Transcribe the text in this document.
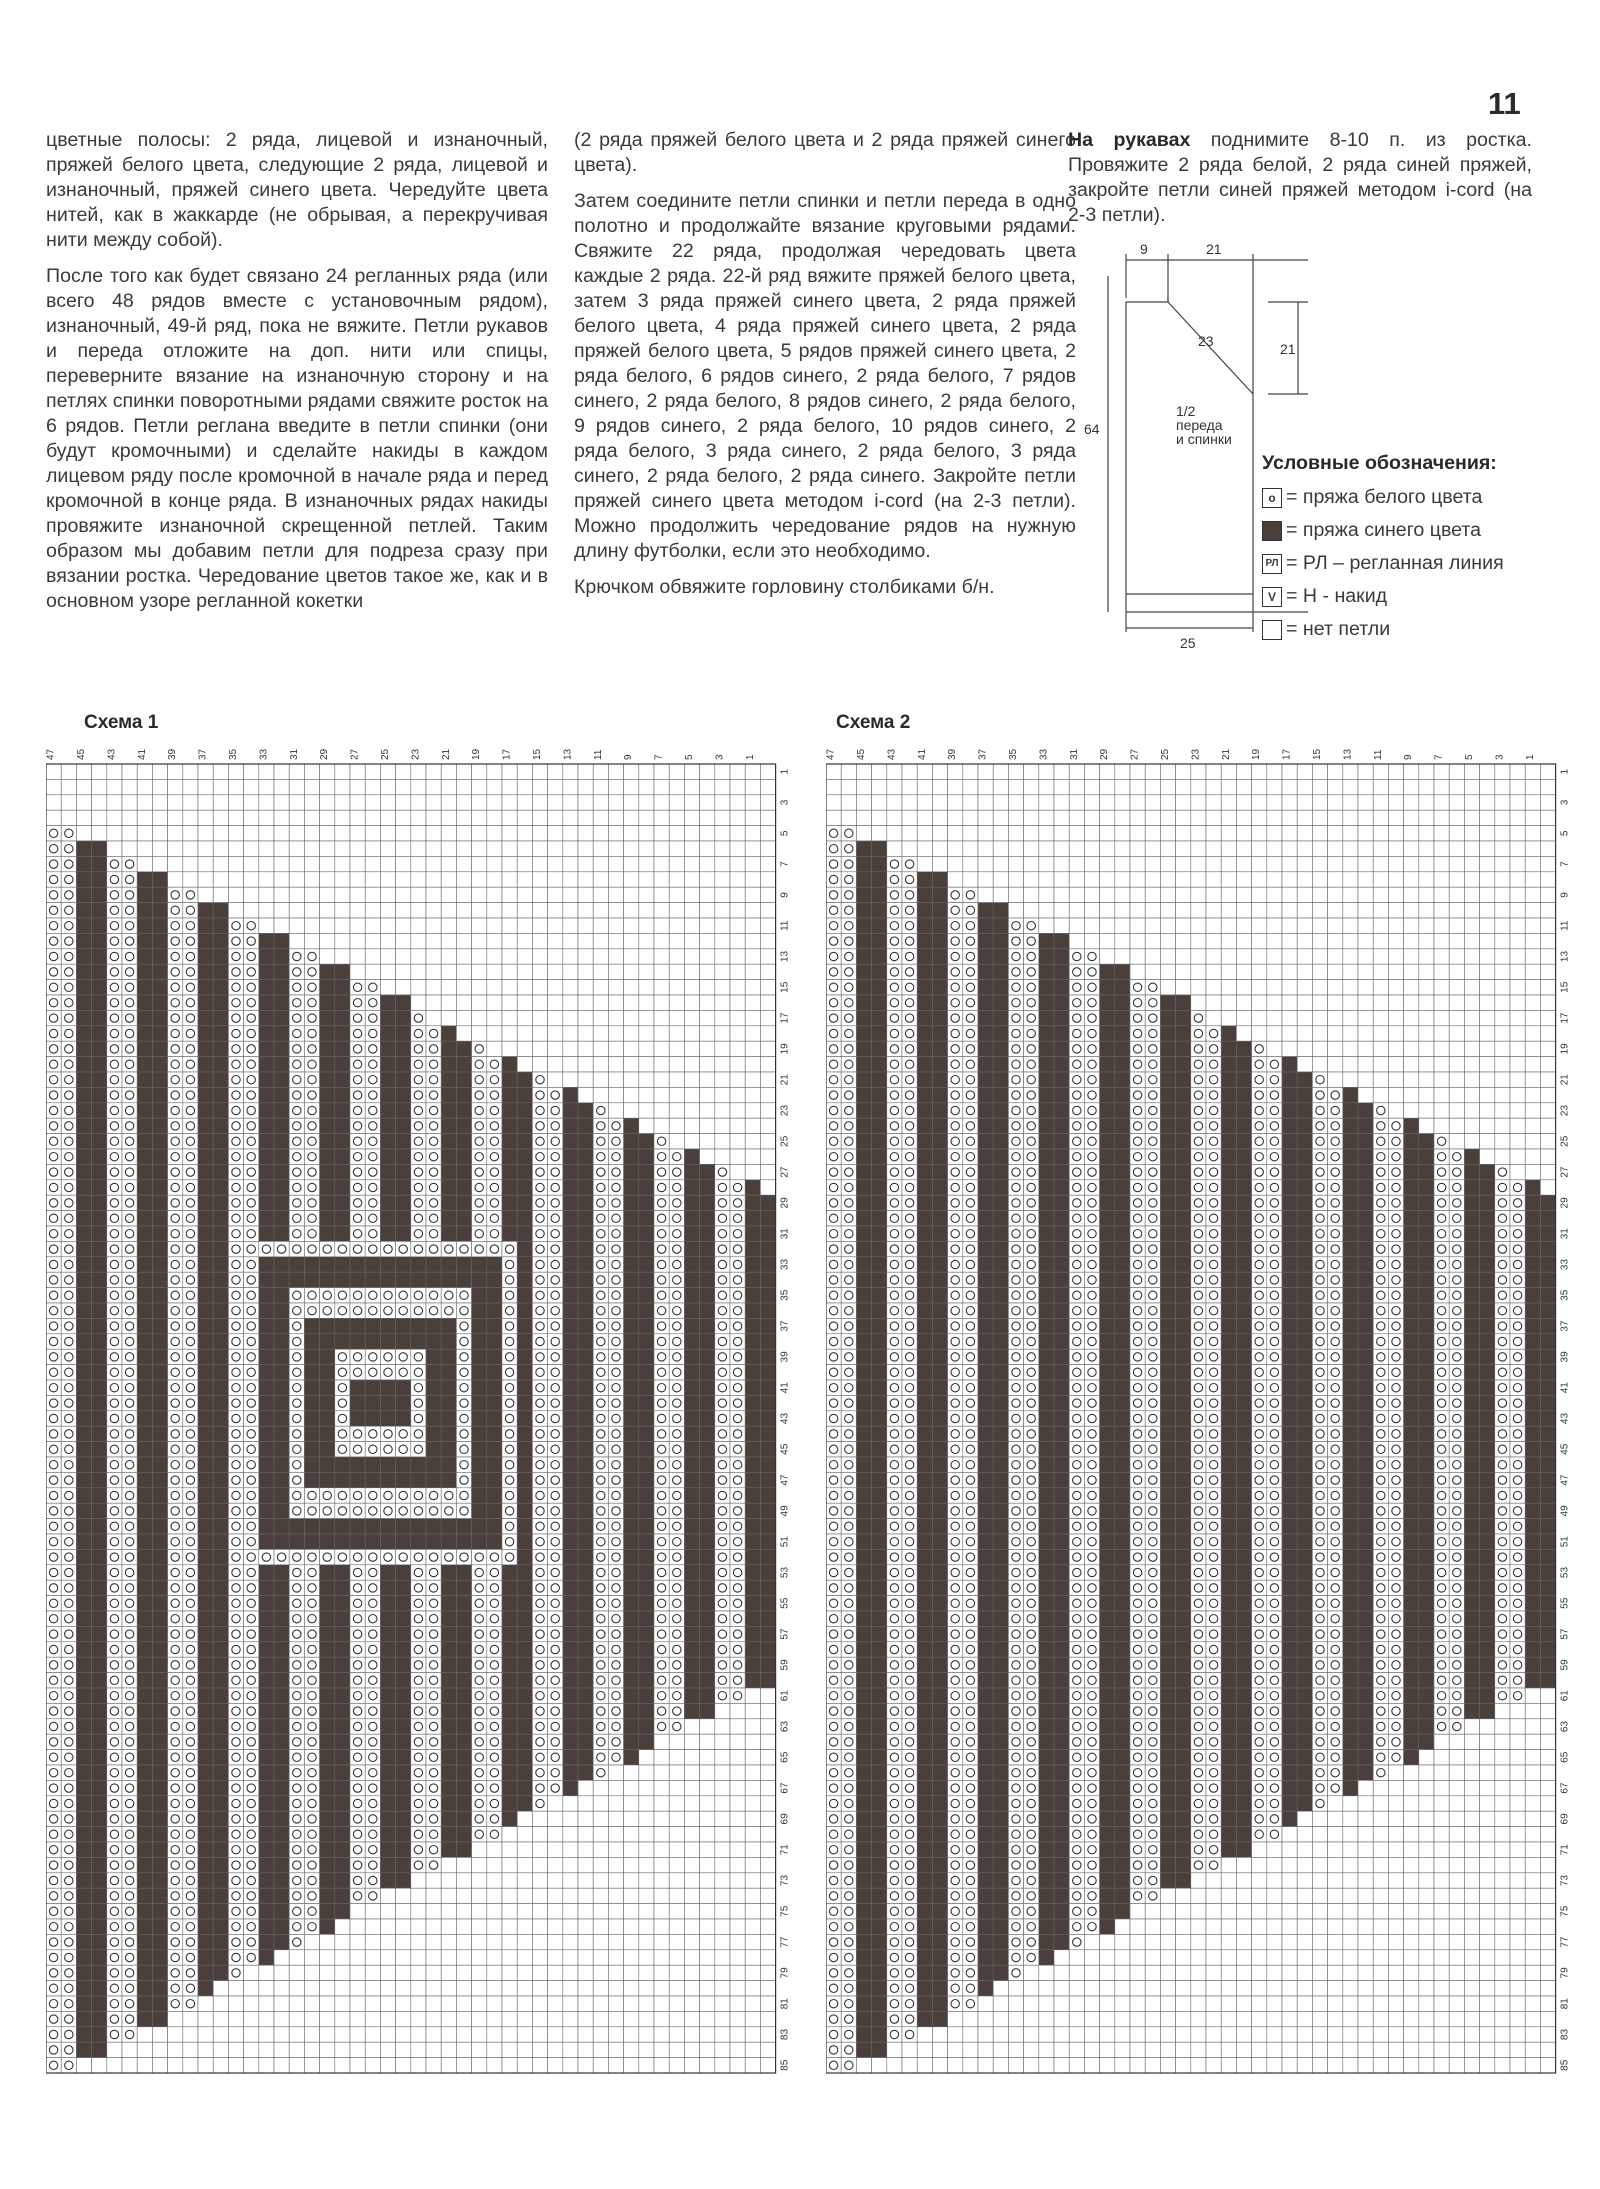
11

цветные полосы: 2 ряда, лицевой и изнаночный, пряжей белого цвета, следующие 2 ряда, лицевой и изнаночный, пряжей синего цвета. Чередуйте цвета нитей, как в жаккарде (не обрывая, а перекручивая нити между собой).

После того как будет связано 24 регланных ряда (или всего 48 рядов вместе с установочным рядом), изнаночный, 49-й ряд, пока не вяжите. Петли рукавов и переда отложите на доп. нити или спицы, переверните вязание на изнаночную сторону и на петлях спинки поворотными рядами свяжите росток на 6 рядов. Петли реглана введите в петли спинки (они будут кромочными) и сделайте накиды в каждом лицевом ряду после кромочной в начале ряда и перед кромочной в конце ряда. В изнаночных рядах накиды провяжите изнаночной скрещенной петлей. Таким образом мы добавим петли для подреза сразу при вязании ростка. Чередование цветов такое же, как и в основном узоре регланной кокетки

(2 ряда пряжей белого цвета и 2 ряда пряжей синего цвета).

Затем соедините петли спинки и петли переда в одно полотно и продолжайте вязание круговыми рядами. Свяжите 22 ряда, продолжая чередовать цвета каждые 2 ряда. 22-й ряд вяжите пряжей белого цвета, затем 3 ряда пряжей синего цвета, 2 ряда пряжей белого цвета, 4 ряда пряжей синего цвета, 2 ряда пряжей белого цвета, 5 рядов пряжей синего цвета, 2 ряда белого, 6 рядов синего, 2 ряда белого, 7 рядов синего, 2 ряда белого, 8 рядов синего, 2 ряда белого, 9 рядов синего, 2 ряда белого, 10 рядов синего, 2 ряда белого, 3 ряда синего, 2 ряда белого, 3 ряда синего, 2 ряда белого, 2 ряда синего. Закройте петли пряжей синего цвета методом i-cord (на 2-3 петли). Можно продолжить чередование рядов на нужную длину футболки, если это необходимо.

Крючком обвяжите горловину столбиками б/н.

На рукавах поднимите 8-10 п. из ростка. Провяжите 2 ряда белой, 2 ряда синей пряжей, закройте петли синей пряжей методом i-cord (на 2-3 петли).

9	21
21
23
64
25
1/2
переда
и спинки
Условные обозначения:
o = пряжа белого цвета
= пряжа синего цвета
РЛ = РЛ – регланная линия
V = Н - накид
= нет петли
Схема 1	Схема 2
47 45 43 41 39 37 35 33 31 29 27 25 23 21 19 17 15 13 11 9 7 5 3 1
1
3
5
7
9
11
13
15
17
19
21
23
25
27
29
31
33
35
37
39
41
43
45
47
49
51
53
55
57
59
61
63
65
67
69
71
73
75
77
79
81
83
85
47 45 43 41 39 37 35 33 31 29 27 25 23 21 19 17 15 13 11 9 7 5 3 1
1
3
5
7
9
11
13
15
17
19
21
23
25
27
29
31
33
35
37
39
41
43
45
47
49
51
53
55
57
59
61
63
65
67
69
71
73
75
77
79
81
83
85
